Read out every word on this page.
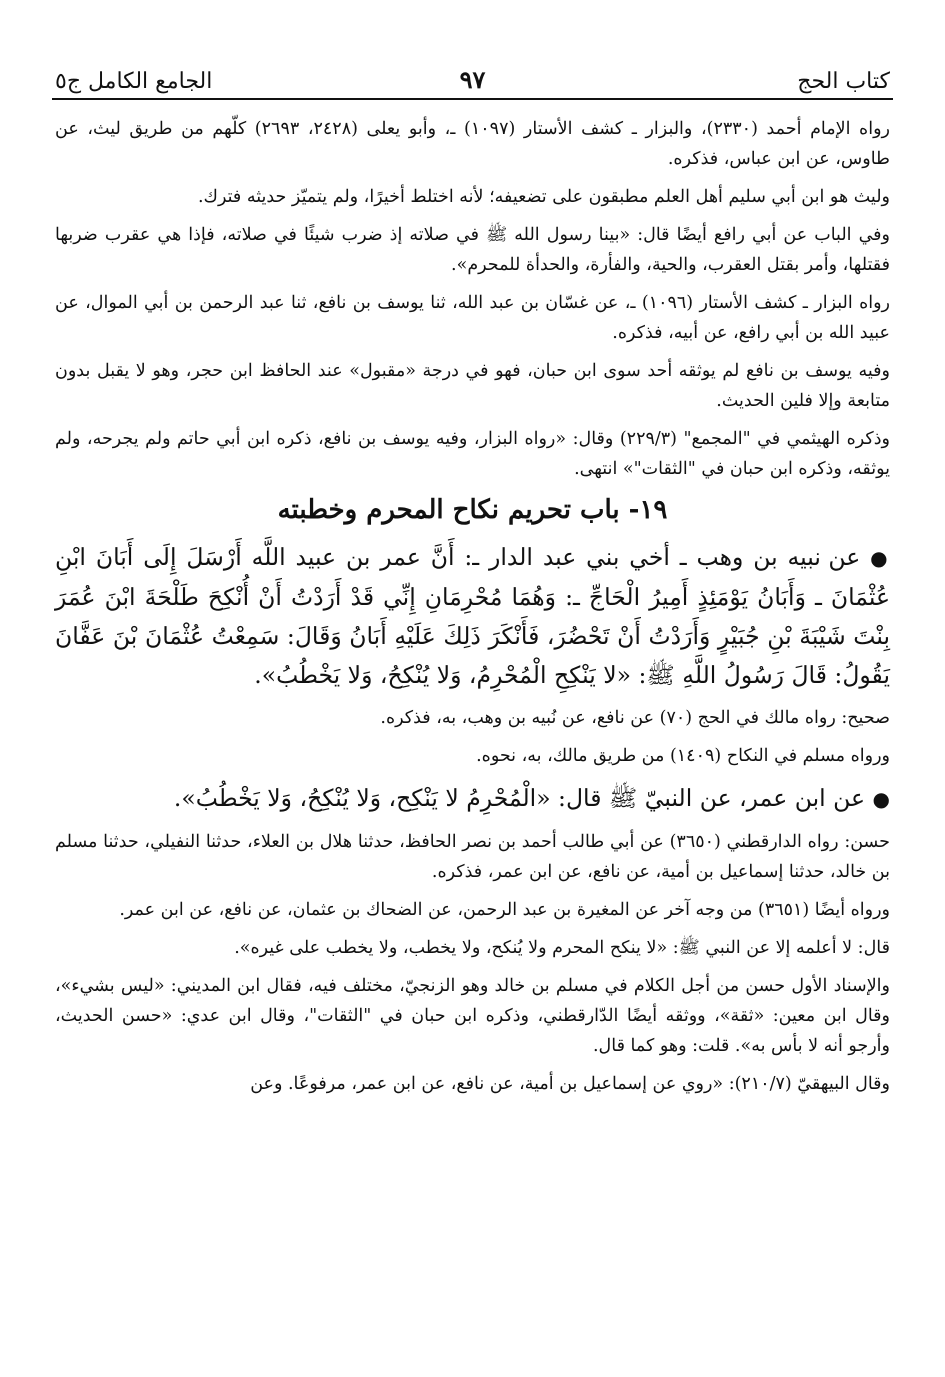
كتاب الحج
٩٧
الجامع الكامل ج٥

رواه الإمام أحمد (٢٣٣٠)، والبزار ـ كشف الأستار (١٠٩٧) ـ، وأبو يعلى (٢٤٢٨، ٢٦٩٣) كلّهم من طريق ليث، عن طاوس، عن ابن عباس، فذكره.

وليث هو ابن أبي سليم أهل العلم مطبقون على تضعيفه؛ لأنه اختلط أخيرًا، ولم يتميّز حديثه فترك.

وفي الباب عن أبي رافع أيضًا قال: «بينا رسول الله ﷺ في صلاته إذ ضرب شيئًا في صلاته، فإذا هي عقرب ضربها فقتلها، وأمر بقتل العقرب، والحية، والفأرة، والحدأة للمحرم».

رواه البزار ـ كشف الأستار (١٠٩٦) ـ، عن غسّان بن عبد الله، ثنا يوسف بن نافع، ثنا عبد الرحمن بن أبي الموال، عن عبيد الله بن أبي رافع، عن أبيه، فذكره.

وفيه يوسف بن نافع لم يوثقه أحد سوى ابن حبان، فهو في درجة «مقبول» عند الحافظ ابن حجر، وهو لا يقبل بدون متابعة وإلا فلين الحديث.

وذكره الهيثمي في "المجمع" (٢٢٩/٣) وقال: «رواه البزار، وفيه يوسف بن نافع، ذكره ابن أبي حاتم ولم يجرحه، ولم يوثقه، وذكره ابن حبان في "الثقات"» انتهى.

١٩- باب تحريم نكاح المحرم وخطبته

● عن نبيه بن وهب ـ أخي بني عبد الدار ـ: أَنَّ عمر بن عبيد اللَّه أَرْسَلَ إِلَى أَبَانَ ابْنِ عُثْمَانَ ـ وَأَبَانُ يَوْمَئِذٍ أَمِيرُ الْحَاجِّ ـ: وَهُمَا مُحْرِمَانِ إِنِّي قَدْ أَرَدْتُ أَنْ أُنْكِحَ طَلْحَةَ ابْنَ عُمَرَ بِنْتَ شَيْبَةَ بْنِ جُبَيْرٍ وَأَرَدْتُ أَنْ تَحْضُرَ، فَأَنْكَرَ ذَلِكَ عَلَيْهِ أَبَانُ وَقَالَ: سَمِعْتُ عُثْمَانَ بْنَ عَفَّانَ يَقُولُ: قَالَ رَسُولُ اللَّهِ ﷺ: «لا يَنْكِحِ الْمُحْرِمُ، وَلا يُنْكِحُ، وَلا يَخْطُبُ».

صحيح: رواه مالك في الحج (٧٠) عن نافع، عن نُبيه بن وهب، به، فذكره.

ورواه مسلم في النكاح (١٤٠٩) من طريق مالك، به، نحوه.

● عن ابن عمر، عن النبيّ ﷺ قال: «الْمُحْرِمُ لا يَنْكِح، وَلا يُنْكِحُ، وَلا يَخْطُبُ».

حسن: رواه الدارقطني (٣٦٥٠) عن أبي طالب أحمد بن نصر الحافظ، حدثنا هلال بن العلاء، حدثنا النفيلي، حدثنا مسلم بن خالد، حدثنا إسماعيل بن أمية، عن نافع، عن ابن عمر، فذكره.

ورواه أيضًا (٣٦٥١) من وجه آخر عن المغيرة بن عبد الرحمن، عن الضحاك بن عثمان، عن نافع، عن ابن عمر.

قال: لا أعلمه إلا عن النبي ﷺ: «لا ينكح المحرم ولا يُنكح، ولا يخطب، ولا يخطب على غيره».

والإسناد الأول حسن من أجل الكلام في مسلم بن خالد وهو الزنجيّ، مختلف فيه، فقال ابن المديني: «ليس بشيء»، وقال ابن معين: «ثقة»، ووثقه أيضًا الدّارقطني، وذكره ابن حبان في "الثقات"، وقال ابن عدي: «حسن الحديث، وأرجو أنه لا بأس به». قلت: وهو كما قال.

وقال البيهقيّ (٢١٠/٧): «روي عن إسماعيل بن أمية، عن نافع، عن ابن عمر، مرفوعًا. وعن
